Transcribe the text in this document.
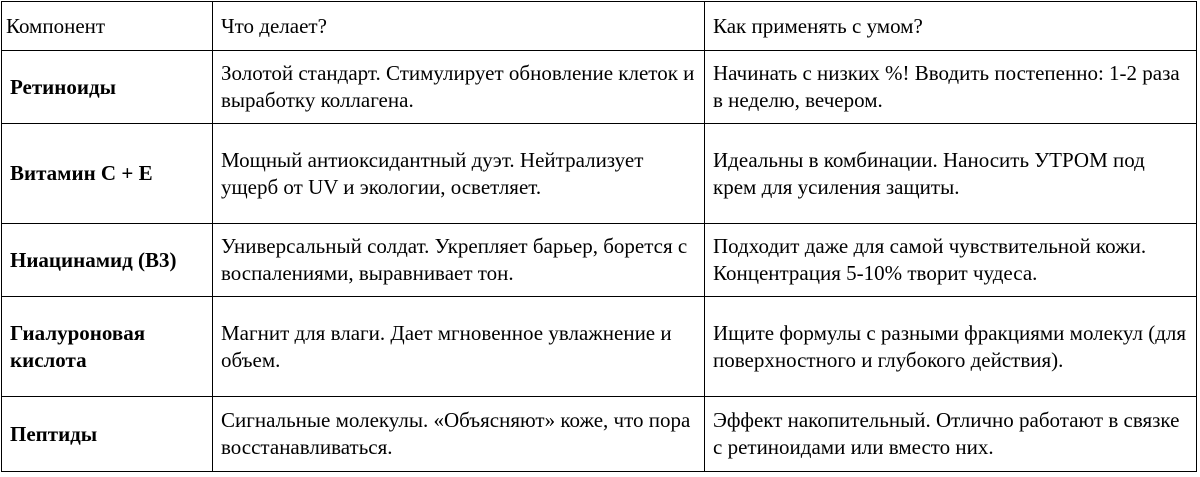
Компонент	Что делает?	Как применять с умом?
Ретиноиды	Золотой стандарт. Стимулирует обновление клеток и выработку коллагена.	Начинать с низких %! Вводить постепенно: 1-2 раза в неделю, вечером.
Витамин С + Е	Мощный антиоксидантный дуэт. Нейтрализует ущерб от UV и экологии, осветляет.	Идеальны в комбинации. Наносить УТРОМ под крем для усиления защиты.
Ниацинамид (В3)	Универсальный солдат. Укрепляет барьер, борется с воспалениями, выравнивает тон.	Подходит даже для самой чувствительной кожи. Концентрация 5-10% творит чудеса.
Гиалуроновая кислота	Магнит для влаги. Дает мгновенное увлажнение и объем.	Ищите формулы с разными фракциями молекул (для поверхностного и глубокого действия).
Пептиды	Сигнальные молекулы. «Объясняют» коже, что пора восстанавливаться.	Эффект накопительный. Отлично работают в связке с ретиноидами или вместо них.
